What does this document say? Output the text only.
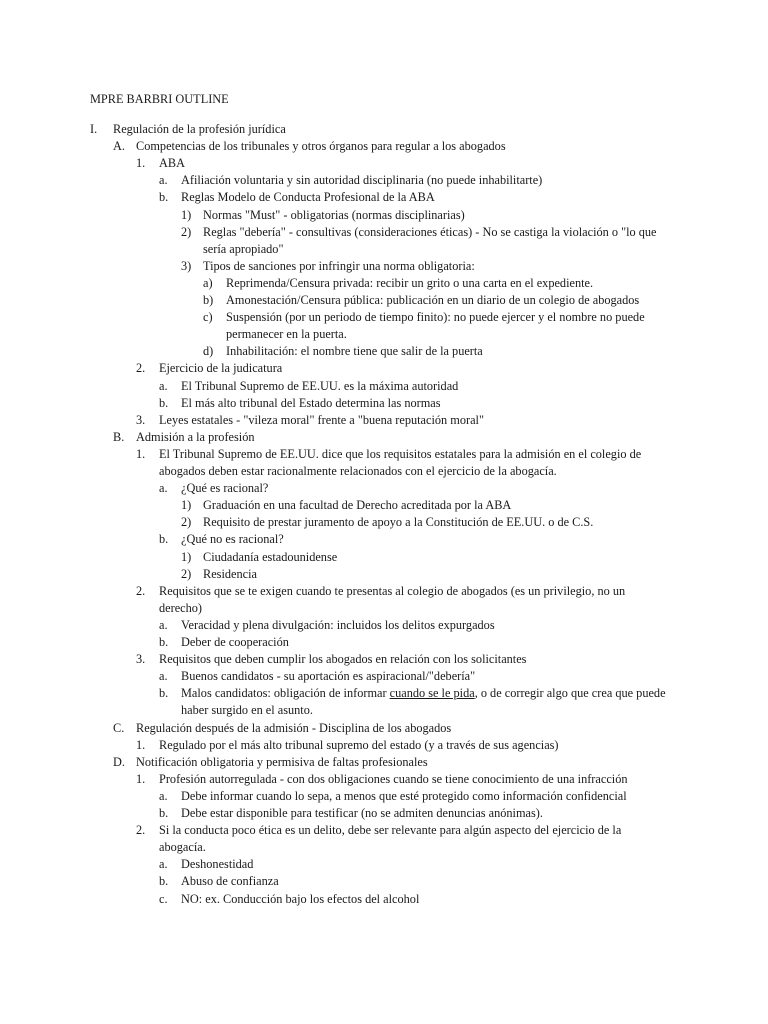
MPRE BARBRI OUTLINE
I. Regulación de la profesión jurídica
A. Competencias de los tribunales y otros órganos para regular a los abogados
1. ABA
a. Afiliación voluntaria y sin autoridad disciplinaria (no puede inhabilitarte)
b. Reglas Modelo de Conducta Profesional de la ABA
1) Normas "Must" - obligatorias (normas disciplinarias)
2) Reglas "debería" - consultivas (consideraciones éticas) - No se castiga la violación o "lo que
sería apropiado"
3) Tipos de sanciones por infringir una norma obligatoria:
a) Reprimenda/Censura privada: recibir un grito o una carta en el expediente.
b) Amonestación/Censura pública: publicación en un diario de un colegio de abogados
c) Suspensión (por un periodo de tiempo finito): no puede ejercer y el nombre no puede
permanecer en la puerta.
d) Inhabilitación: el nombre tiene que salir de la puerta
2. Ejercicio de la judicatura
a. El Tribunal Supremo de EE.UU. es la máxima autoridad
b. El más alto tribunal del Estado determina las normas
3. Leyes estatales - "vileza moral" frente a "buena reputación moral"
B. Admisión a la profesión
1. El Tribunal Supremo de EE.UU. dice que los requisitos estatales para la admisión en el colegio de
abogados deben estar racionalmente relacionados con el ejercicio de la abogacía.
a. ¿Qué es racional?
1) Graduación en una facultad de Derecho acreditada por la ABA
2) Requisito de prestar juramento de apoyo a la Constitución de EE.UU. o de C.S.
b. ¿Qué no es racional?
1) Ciudadanía estadounidense
2) Residencia
2. Requisitos que se te exigen cuando te presentas al colegio de abogados (es un privilegio, no un
derecho)
a. Veracidad y plena divulgación: incluidos los delitos expurgados
b. Deber de cooperación
3. Requisitos que deben cumplir los abogados en relación con los solicitantes
a. Buenos candidatos - su aportación es aspiracional/"debería"
b. Malos candidatos: obligación de informar cuando se le pida, o de corregir algo que crea que puede
haber surgido en el asunto.
C. Regulación después de la admisión - Disciplina de los abogados
1. Regulado por el más alto tribunal supremo del estado (y a través de sus agencias)
D. Notificación obligatoria y permisiva de faltas profesionales
1. Profesión autorregulada - con dos obligaciones cuando se tiene conocimiento de una infracción
a. Debe informar cuando lo sepa, a menos que esté protegido como información confidencial
b. Debe estar disponible para testificar (no se admiten denuncias anónimas).
2. Si la conducta poco ética es un delito, debe ser relevante para algún aspecto del ejercicio de la
abogacía.
a. Deshonestidad
b. Abuso de confianza
c. NO: ex. Conducción bajo los efectos del alcohol
